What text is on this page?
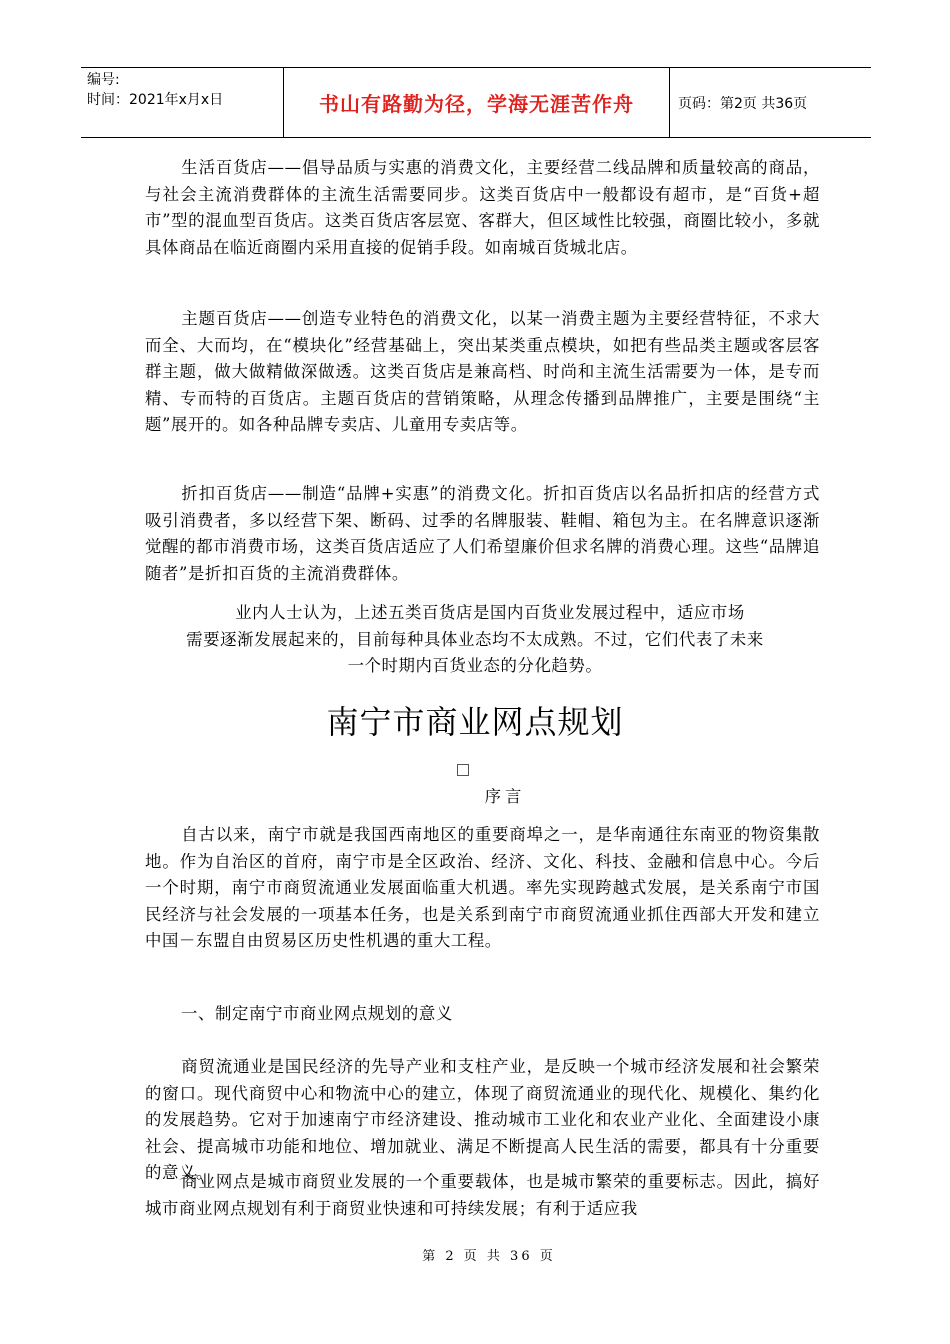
编号:
时间：2021年x月x日	书山有路勤为径，学海无涯苦作舟	页码：第2页 共36页
生活百货店——倡导品质与实惠的消费文化，主要经营二线品牌和质量较高的商品，与社会主流消费群体的主流生活需要同步。这类百货店中一般都设有超市，是“百货+超市”型的混血型百货店。这类百货店客层宽、客群大，但区域性比较强，商圈比较小，多就具体商品在临近商圈内采用直接的促销手段。如南城百货城北店。
主题百货店——创造专业特色的消费文化，以某一消费主题为主要经营特征，不求大而全、大而均，在“模块化”经营基础上，突出某类重点模块，如把有些品类主题或客层客群主题，做大做精做深做透。这类百货店是兼高档、时尚和主流生活需要为一体，是专而精、专而特的百货店。主题百货店的营销策略，从理念传播到品牌推广，主要是围绕“主题”展开的。如各种品牌专卖店、儿童用专卖店等。
折扣百货店——制造“品牌+实惠”的消费文化。折扣百货店以名品折扣店的经营方式吸引消费者，多以经营下架、断码、过季的名牌服装、鞋帽、箱包为主。在名牌意识逐渐觉醒的都市消费市场，这类百货店适应了人们希望廉价但求名牌的消费心理。这些“品牌追随者”是折扣百货的主流消费群体。
业内人士认为，上述五类百货店是国内百货业发展过程中，适应市场
需要逐渐发展起来的，目前每种具体业态均不太成熟。不过，它们代表了未来
一个时期内百货业态的分化趋势。
南宁市商业网点规划
序言
自古以来，南宁市就是我国西南地区的重要商埠之一，是华南通往东南亚的物资集散地。作为自治区的首府，南宁市是全区政治、经济、文化、科技、金融和信息中心。今后一个时期，南宁市商贸流通业发展面临重大机遇。率先实现跨越式发展，是关系南宁市国民经济与社会发展的一项基本任务，也是关系到南宁市商贸流通业抓住西部大开发和建立中国－东盟自由贸易区历史性机遇的重大工程。
一、制定南宁市商业网点规划的意义
商贸流通业是国民经济的先导产业和支柱产业，是反映一个城市经济发展和社会繁荣的窗口。现代商贸中心和物流中心的建立，体现了商贸流通业的现代化、规模化、集约化的发展趋势。它对于加速南宁市经济建设、推动城市工业化和农业产业化、全面建设小康社会、提高城市功能和地位、增加就业、满足不断提高人民生活的需要，都具有十分重要的意义。
商业网点是城市商贸业发展的一个重要载体，也是城市繁荣的重要标志。因此，搞好城市商业网点规划有利于商贸业快速和可持续发展；有利于适应我
第 2 页 共 36 页
